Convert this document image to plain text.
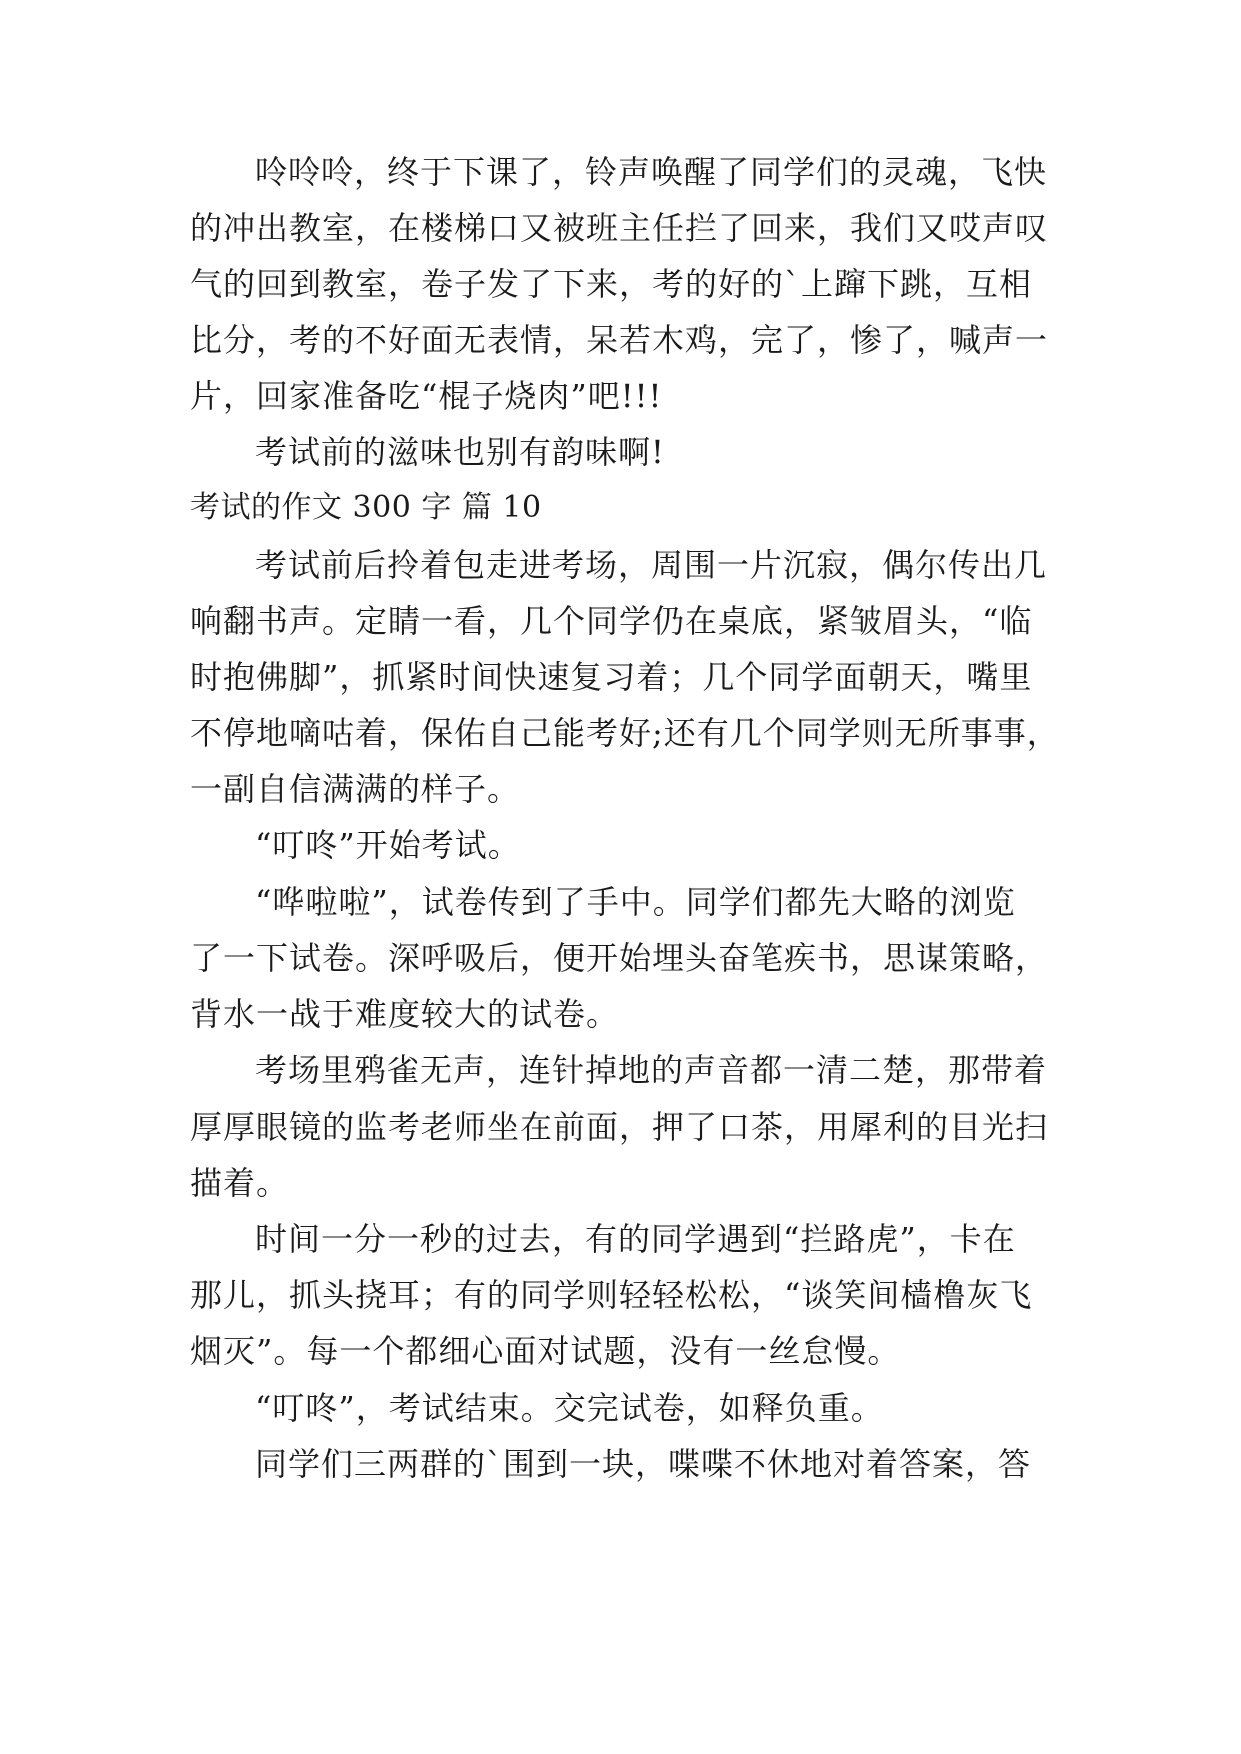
呤呤呤，终于下课了，铃声唤醒了同学们的灵魂，飞快
的冲出教室，在楼梯口又被班主任拦了回来，我们又哎声叹
气的回到教室，卷子发了下来，考的好的`上蹿下跳，互相
比分，考的不好面无表情，呆若木鸡，完了，惨了，喊声一
片，回家准备吃“棍子烧肉”吧!!!
考试前的滋味也别有韵味啊!
考试的作文 300 字 篇 10
考试前后拎着包走进考场，周围一片沉寂，偶尔传出几
响翻书声。定睛一看，几个同学仍在桌底，紧皱眉头，“临
时抱佛脚”，抓紧时间快速复习着；几个同学面朝天，嘴里
不停地嘀咕着，保佑自己能考好;还有几个同学则无所事事，
一副自信满满的样子。
“叮咚”开始考试。
“哗啦啦”，试卷传到了手中。同学们都先大略的浏览
了一下试卷。深呼吸后，便开始埋头奋笔疾书，思谋策略，
背水一战于难度较大的试卷。
考场里鸦雀无声，连针掉地的声音都一清二楚，那带着
厚厚眼镜的监考老师坐在前面，押了口茶，用犀利的目光扫
描着。
时间一分一秒的过去，有的同学遇到“拦路虎”，卡在
那儿，抓头挠耳；有的同学则轻轻松松，“谈笑间樯橹灰飞
烟灭”。每一个都细心面对试题，没有一丝怠慢。
“叮咚”，考试结束。交完试卷，如释负重。
同学们三两群的`围到一块，喋喋不休地对着答案，答
